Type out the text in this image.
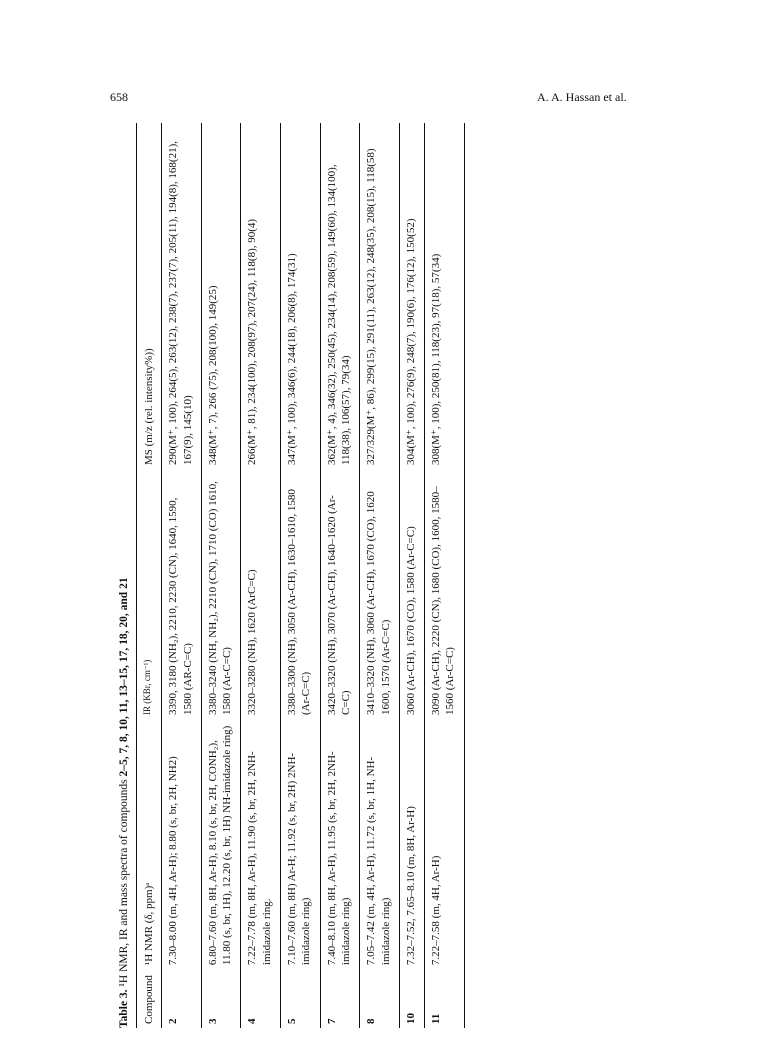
658	A. A. Hassan et al.
Table 3. ¹H NMR, IR and mass spectra of compounds 2–5, 7, 8, 10, 11, 13–15, 17, 18, 20, and 21
Compound	¹H NMR (δ, ppm)ᵃ	IR (KBr, cm⁻¹)	MS (m/z (rel. intensity%))
2	7.30–8.00 (m, 4H, Ar-H); 8.80 (s, br, 2H, NH2)	3390, 3180 (NH₂), 2210, 2230 (CN), 1640, 1590, 1580 (AR-C=C)	290(M⁺, 100), 264(5), 263(12), 238(7), 237(7), 205(11), 194(8), 168(21), 167(9), 145(10)
3	6.80–7.60 (m, 8H, Ar-H), 8.10 (s, br, 2H, CONH₂), 11.80 (s, br, 1H), 12.20 (s, br, 1H) NH-imidazole ring)	3380–3240 (NH, NH₂), 2210 (CN), 1710 (CO) 1610, 1580 (Ar-C=C)	348(M⁺, 7), 266 (75), 208(100), 149(25)
4	7.22–7.78 (m, 8H, Ar-H), 11.90 (s, br, 2H, 2NH-imidazole ring.	3320–3280 (NH), 1620 (ArC=C)	266(M⁺, 81), 234(100), 208(97), 207(24), 118(8), 90(4)
5	7.10–7.60 (m, 8H) Ar-H; 11.92 (s, br, 2H) 2NH-imidazole ring)	3380–3300 (NH), 3050 (Ar-CH), 1630–1610, 1580 (Ar-C=C)	347(M⁺, 100), 346(6), 244(18), 206(8), 174(31)
7	7.40–8.10 (m, 8H, Ar-H), 11.95 (s, br, 2H, 2NH-imidazole ring)	3420–3320 (NH), 3070 (Ar-CH), 1640–1620 (Ar-C=C)	362(M⁺, 4), 346(32), 250(45), 234(14), 208(59), 149(60), 134(100), 118(38), 106(57), 79(34)
8	7.05–7.42 (m, 4H, Ar-H), 11.72 (s, br, 1H, NH-imidazole ring)	3410–3320 (NH), 3060 (Ar-CH), 1670 (CO), 1620 1600, 1570 (Ar-C=C)	327/329(M⁺, 86), 299(15), 291(11), 263(12), 248(35), 208(15), 118(58)
10	7.32–7.52, 7.65–8.10 (m, 8H, Ar-H)	3060 (Ar-CH), 1670 (CO), 1580 (Ar-C=C)	304(M⁺, 100), 276(9), 248(7), 190(6), 176(12), 150(52)
11	7.22–7.58 (m, 4H, Ar-H)	3090 (Ar-CH), 2220 (CN), 1680 (CO), 1600, 1580–1560 (Ar-C=C)	308(M⁺, 100), 250(81), 118(23), 97(18), 57(34)
